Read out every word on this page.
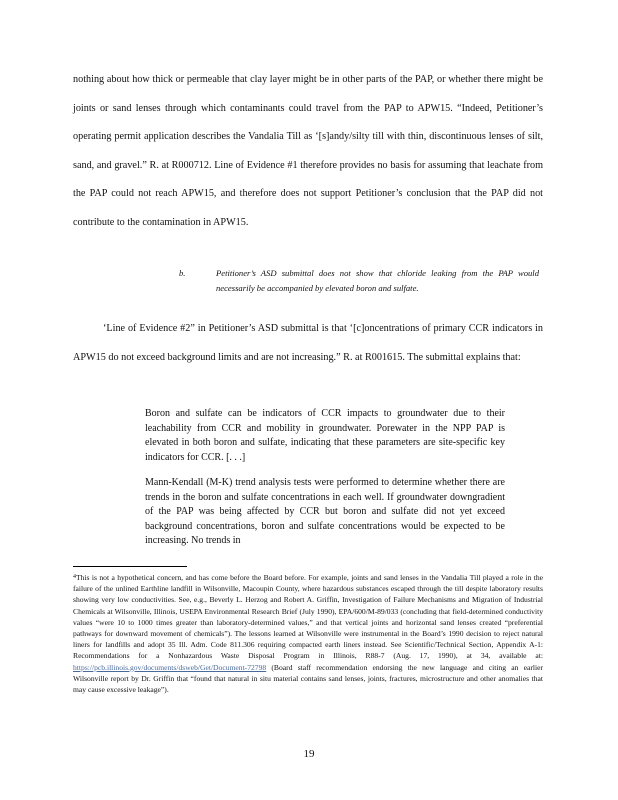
nothing about how thick or permeable that clay layer might be in other parts of the PAP, or whether there might be joints or sand lenses through which contaminants could travel from the PAP to APW15. “Indeed, Petitioner’s operating permit application describes the Vandalia Till as ‘[s]andy/silty till with thin, discontinuous lenses of silt, sand, and gravel.” R. at R000712. Line of Evidence #1 therefore provides no basis for assuming that leachate from the PAP could not reach APW15, and therefore does not support Petitioner’s conclusion that the PAP did not contribute to the contamination in APW15.

b.	Petitioner’s ASD submittal does not show that chloride leaking from the PAP would necessarily be accompanied by elevated boron and sulfate.

‘Line of Evidence #2” in Petitioner’s ASD submittal is that ‘[c]oncentrations of primary CCR indicators in APW15 do not exceed background limits and are not increasing.” R. at R001615. The submittal explains that:

Boron and sulfate can be indicators of CCR impacts to groundwater due to their leachability from CCR and mobility in groundwater. Porewater in the NPP PAP is elevated in both boron and sulfate, indicating that these parameters are site-specific key indicators for CCR. [. . .]

Mann-Kendall (M-K) trend analysis tests were performed to determine whether there are trends in the boron and sulfate concentrations in each well. If groundwater downgradient of the PAP was being affected by CCR but boron and sulfate did not yet exceed background concentrations, boron and sulfate concentrations would be expected to be increasing. No trends in

$^4$This is not a hypothetical concern, and has come before the Board before. For example, joints and sand lenses in the Vandalia Till played a role in the failure of the unlined Earthline landfill in Wilsonville, Macoupin County, where hazardous substances escaped through the till despite laboratory results showing very low conductivities. See, e.g., Beverly L. Herzog and Robert A. Griffin, Investigation of Failure Mechanisms and Migration of Industrial Chemicals at Wilsonville, Illinois, USEPA Environmental Research Brief (July 1990), EPA/600/M-89/033 (concluding that field-determined conductivity values “were 10 to 1000 times greater than laboratory-determined values,” and that vertical joints and horizontal sand lenses created “preferential pathways for downward movement of chemicals”). The lessons learned at Wilsonville were instrumental in the Board’s 1990 decision to reject natural liners for landfills and adopt 35 Ill. Adm. Code 811.306 requiring compacted earth liners instead. See Scientific/Technical Section, Appendix A-1: Recommendations for a Nonhazardous Waste Disposal Program in Illinois, R88-7 (Aug. 17, 1990), at 34, available at: https://pcb.illinois.gov/documents/dsweb/Get/Document-72798 (Board staff recommendation endorsing the new language and citing an earlier Wilsonville report by Dr. Griffin that “found that natural in situ material contains sand lenses, joints, fractures, microstructure and other anomalies that may cause excessive leakage”).

19
